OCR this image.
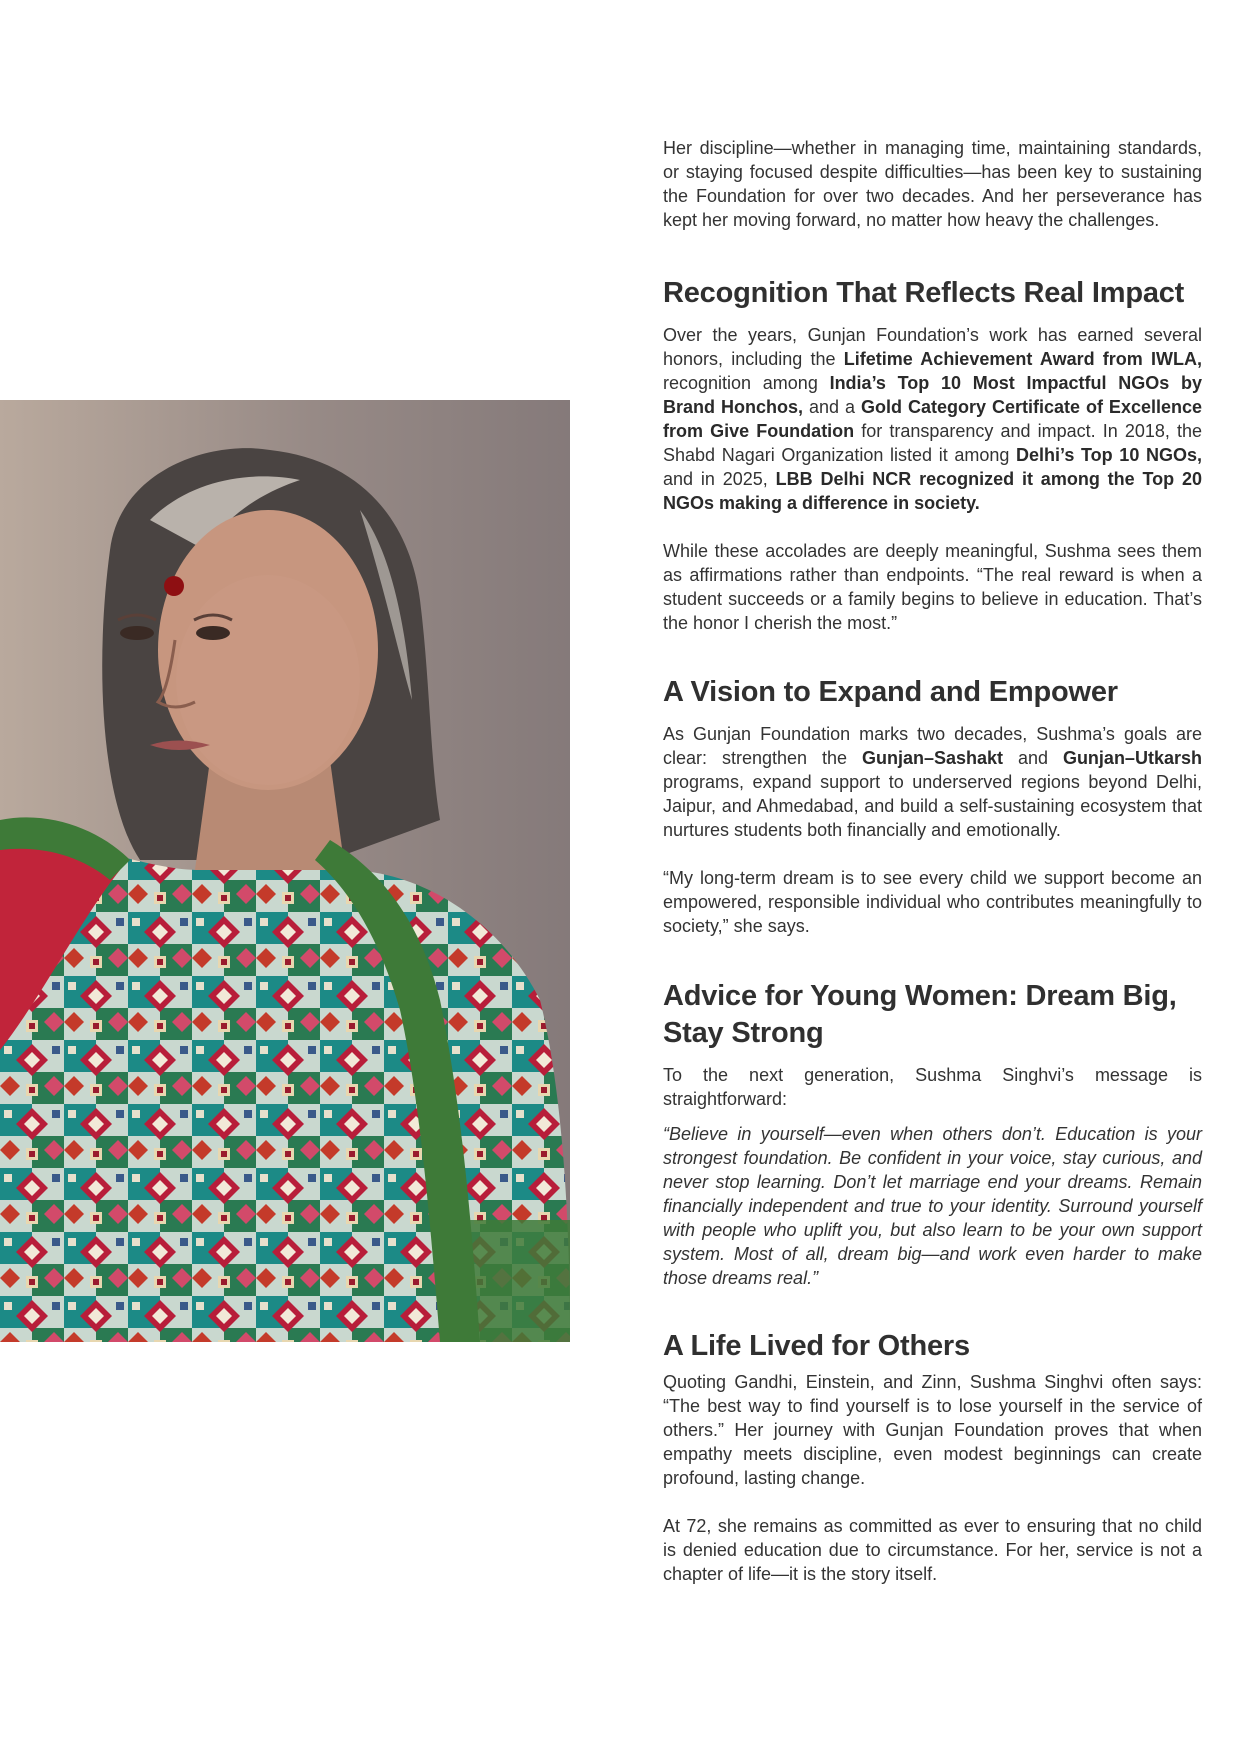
Her discipline—whether in managing time, maintaining standards, or staying focused despite difficulties—has been key to sustaining the Foundation for over two decades. And her perseverance has kept her moving forward, no matter how heavy the challenges.

Recognition That Reflects Real Impact

Over the years, Gunjan Foundation’s work has earned several honors, including the Lifetime Achievement Award from IWLA, recognition among India’s Top 10 Most Impactful NGOs by Brand Honchos, and a Gold Category Certificate of Excellence from Give Foundation for transparency and impact. In 2018, the Shabd Nagari Organization listed it among Delhi’s Top 10 NGOs, and in 2025, LBB Delhi NCR recognized it among the Top 20 NGOs making a difference in society.

While these accolades are deeply meaningful, Sushma sees them as affirmations rather than endpoints. “The real reward is when a student succeeds or a family begins to believe in education. That’s the honor I cherish the most.”

A Vision to Expand and Empower

As Gunjan Foundation marks two decades, Sushma’s goals are clear: strengthen the Gunjan–Sashakt and Gunjan–Utkarsh programs, expand support to underserved regions beyond Delhi, Jaipur, and Ahmedabad, and build a self-sustaining ecosystem that nurtures students both financially and emotionally.

“My long-term dream is to see every child we support become an empowered, responsible individual who contributes meaningfully to society,” she says.

Advice for Young Women: Dream Big,
Stay Strong

To the next generation, Sushma Singhvi’s message is straightforward:

“Believe in yourself—even when others don’t. Education is your strongest foundation. Be confident in your voice, stay curious, and never stop learning. Don’t let marriage end your dreams. Remain financially independent and true to your identity. Surround yourself with people who uplift you, but also learn to be your own support system. Most of all, dream big—and work even harder to make those dreams real.”

A Life Lived for Others

Quoting Gandhi, Einstein, and Zinn, Sushma Singhvi often says: “The best way to find yourself is to lose yourself in the service of others.” Her journey with Gunjan Foundation proves that when empathy meets discipline, even modest beginnings can create profound, lasting change.

At 72, she remains as committed as ever to ensuring that no child is denied education due to circumstance. For her, service is not a chapter of life—it is the story itself.
